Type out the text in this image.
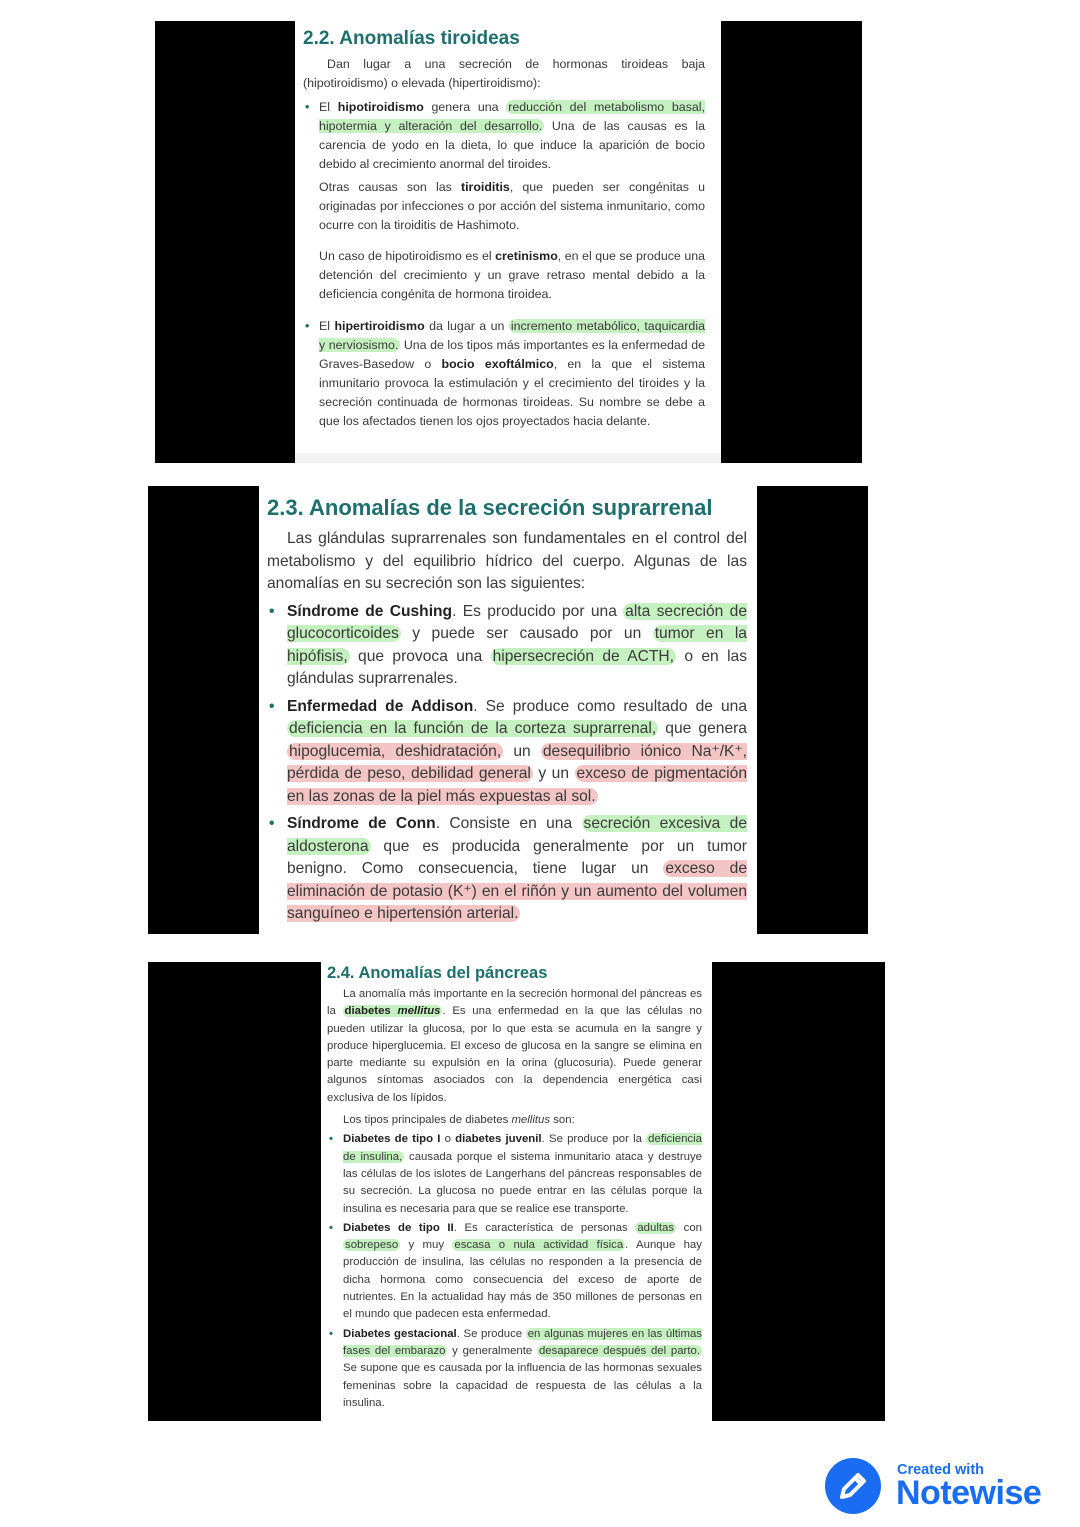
2.2. Anomalías tiroideas

Dan lugar a una secreción de hormonas tiroideas baja (hipotiroidismo) o elevada (hipertiroidismo):

• El hipotiroidismo genera una reducción del metabolismo basal, hipotermia y alteración del desarrollo. Una de las causas es la carencia de yodo en la dieta, lo que induce la aparición de bocio debido al crecimiento anormal del tiroides.

Otras causas son las tiroiditis, que pueden ser congénitas u originadas por infecciones o por acción del sistema inmunitario, como ocurre con la tiroiditis de Hashimoto.

Un caso de hipotiroidismo es el cretinismo, en el que se produce una detención del crecimiento y un grave retraso mental debido a la deficiencia congénita de hormona tiroidea.

• El hipertiroidismo da lugar a un incremento metabólico, taquicardia y nerviosismo. Una de los tipos más importantes es la enfermedad de Graves-Basedow o bocio exoftálmico, en la que el sistema inmunitario provoca la estimulación y el crecimiento del tiroides y la secreción continuada de hormonas tiroideas. Su nombre se debe a que los afectados tienen los ojos proyectados hacia delante.
2.3. Anomalías de la secreción suprarrenal

Las glándulas suprarrenales son fundamentales en el control del metabolismo y del equilibrio hídrico del cuerpo. Algunas de las anomalías en su secreción son las siguientes:

• Síndrome de Cushing. Es producido por una alta secreción de glucocorticoides y puede ser causado por un tumor en la hipófisis, que provoca una hipersecreción de ACTH, o en las glándulas suprarrenales.
• Enfermedad de Addison. Se produce como resultado de una deficiencia en la función de la corteza suprarrenal, que genera hipoglucemia, deshidratación, un desequilibrio iónico Na⁺/K⁺, pérdida de peso, debilidad general y un exceso de pigmentación en las zonas de la piel más expuestas al sol.
• Síndrome de Conn. Consiste en una secreción excesiva de aldosterona que es producida generalmente por un tumor benigno. Como consecuencia, tiene lugar un exceso de eliminación de potasio (K⁺) en el riñón y un aumento del volumen sanguíneo e hipertensión arterial.
2.4. Anomalías del páncreas

La anomalía más importante en la secreción hormonal del páncreas es la diabetes mellitus . Es una enfermedad en la que las células no pueden utilizar la glucosa, por lo que esta se acumula en la sangre y produce hiperglucemia. El exceso de glucosa en la sangre se elimina en parte mediante su expulsión en la orina (glucosuria). Puede generar algunos síntomas asociados con la dependencia energética casi exclusiva de los lípidos.

Los tipos principales de diabetes mellitus son:

• Diabetes de tipo I o diabetes juvenil. Se produce por la deficiencia de insulina, causada porque el sistema inmunitario ataca y destruye las células de los islotes de Langerhans del páncreas responsables de su secreción. La glucosa no puede entrar en las células porque la insulina es necesaria para que se realice ese transporte.
• Diabetes de tipo II. Es característica de personas adultas con sobrepeso y muy escasa o nula actividad física . Aunque hay producción de insulina, las células no responden a la presencia de dicha hormona como consecuencia del exceso de aporte de nutrientes. En la actualidad hay más de 350 millones de personas en el mundo que padecen esta enfermedad.
• Diabetes gestacional. Se produce en algunas mujeres en las últimas fases del embarazo y generalmente desaparece después del parto. Se supone que es causada por la influencia de las hormonas sexuales femeninas sobre la capacidad de respuesta de las células a la insulina.
Created with
Notewise
